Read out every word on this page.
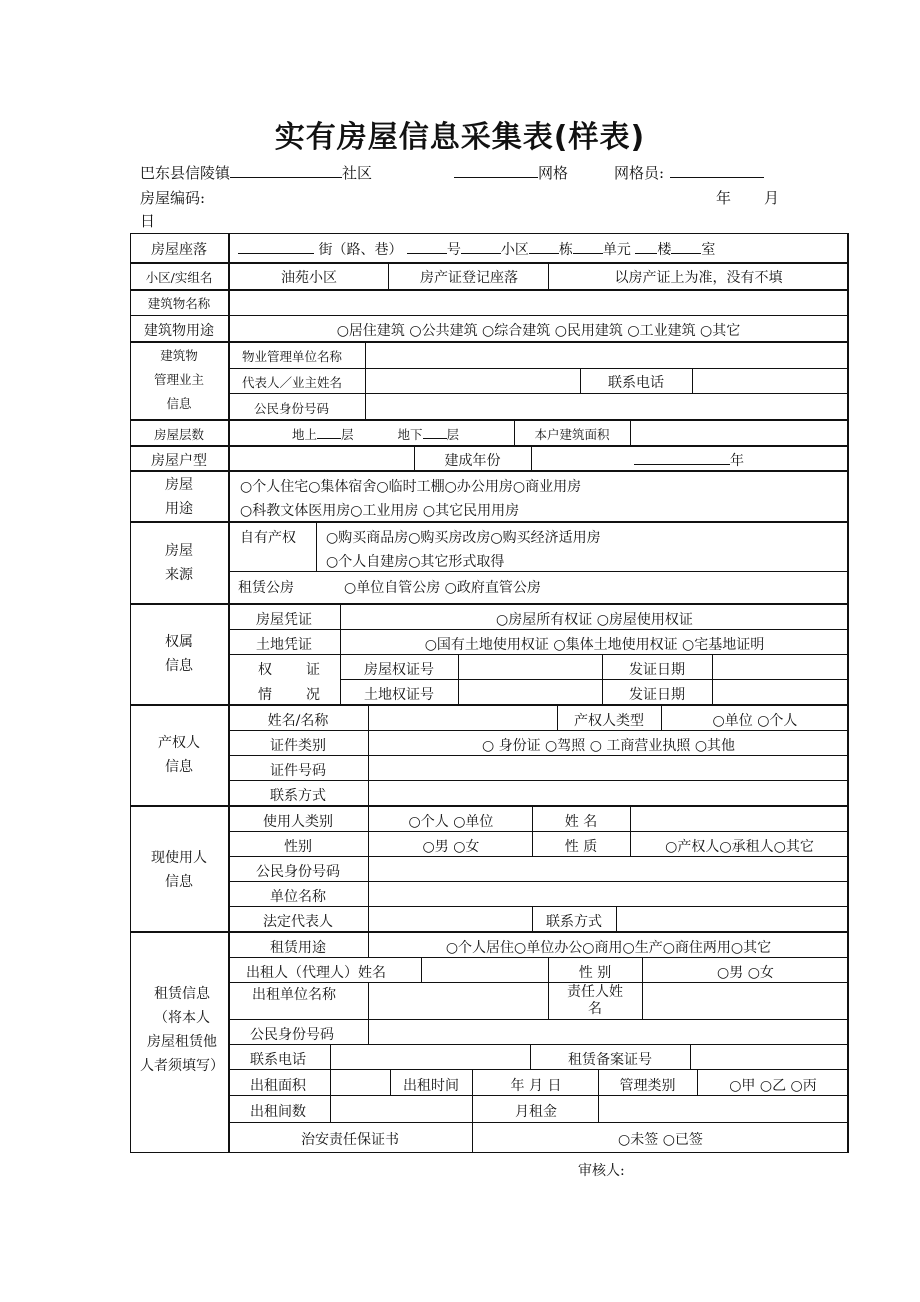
实有房屋信息采集表(样表)
巴东县信陵镇	社区	网格	网格员:
房屋编码:	年 月
日
房屋座落	街（路、巷）	号	小区 栋 单元 楼 室
小区/实组名	油苑小区	房产证登记座落	以房产证上为准，没有不填
建筑物名称
建筑物用途	○居住建筑 ○公共建筑 ○综合建筑 ○民用建筑 ○工业建筑 ○其它
建筑物
管理业主
信息
物业管理单位名称
代表人／业主姓名	联系电话
公民身份号码
房屋层数	地上 层	地下 层	本户建筑面积
房屋户型	建成年份	年
房屋
用途
○个人住宅○集体宿舍○临时工棚○办公用房○商业用房
○科教文体医用房○工业用房 ○其它民用用房
房屋
来源
自有产权 ○购买商品房○购买房改房○购买经济适用房
○个人自建房○其它形式取得
租赁公房	○单位自管公房 ○政府直管公房
权属
信息
房屋凭证	○房屋所有权证 ○房屋使用权证
土地凭证	○国有土地使用权证 ○集体土地使用权证 ○宅基地证明
权 证
情 况
房屋权证号	发证日期
土地权证号	发证日期
产权人
信息
姓名/名称	产权人类型	○单位 ○个人
证件类别	○ 身份证 ○驾照 ○ 工商营业执照 ○其他
证件号码
联系方式
现使用人
信息
使用人类别	○个人 ○单位	姓 名
性别	○男 ○女	性 质	○产权人○承租人○其它
公民身份号码
单位名称
法定代表人	联系方式
租赁信息
（将本人
房屋租赁他
人者须填写）
租赁用途	○个人居住○单位办公○商用○生产○商住两用○其它
出租人（代理人）姓名	性 别	○男 ○女
出租单位名称	责任人姓
名
公民身份号码
联系电话	租赁备案证号
出租面积	出租时间	年 月 日	管理类别	○甲 ○乙 ○丙
出租间数	月租金
治安责任保证书	○未签 ○已签
审核人:
